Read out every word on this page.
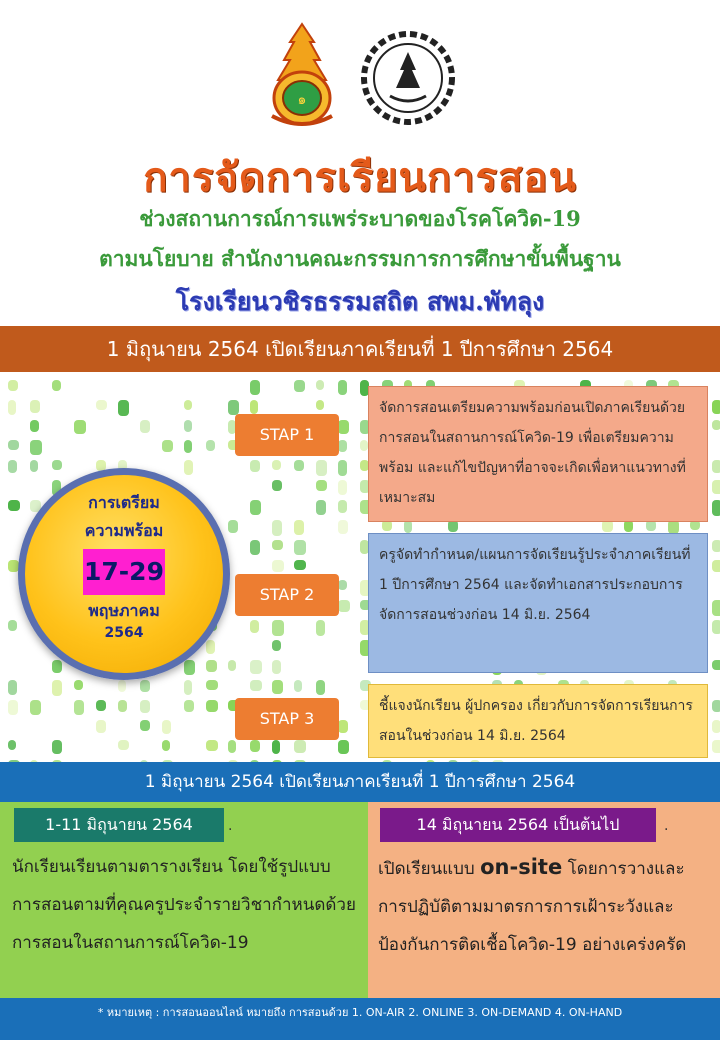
๑
การจัดการเรียนการสอน
ช่วงสถานการณ์การแพร่ระบาดของโรคโควิด-19
ตามนโยบาย สำนักงานคณะกรรมการการศึกษาขั้นพื้นฐาน
โรงเรียนวชิรธรรมสถิต สพม.พัทลุง
1 มิถุนายน 2564 เปิดเรียนภาคเรียนที่ 1 ปีการศึกษา 2564
การเตรียม
ความพร้อม
17-29
พฤษภาคม
2564
STAP 1
STAP 2
STAP 3
จัดการสอนเตรียมความพร้อมก่อนเปิดภาคเรียนด้วยการสอนในสถานการณ์โควิด-19 เพื่อเตรียมความพร้อม และแก้ไขปัญหาที่อาจจะเกิดเพื่อหาแนวทางที่เหมาะสม
ครูจัดทำกำหนด/แผนการจัดเรียนรู้ประจำภาคเรียนที่ 1 ปีการศึกษา 2564 และจัดทำเอกสารประกอบการจัดการสอนช่วงก่อน 14 มิ.ย. 2564
ชี้แจงนักเรียน ผู้ปกครอง เกี่ยวกับการจัดการเรียนการสอนในช่วงก่อน 14 มิ.ย. 2564
1 มิถุนายน 2564 เปิดเรียนภาคเรียนที่ 1 ปีการศึกษา 2564
1-11 มิถุนายน 2564	.	14 มิถุนายน 2564 เป็นต้นไป	.
นักเรียนเรียนตามตารางเรียน โดยใช้รูปแบบการสอนตามที่คุณครูประจำรายวิชากำหนดด้วยการสอนในสถานการณ์โควิด-19
เปิดเรียนแบบ on-site โดยการวางและการปฏิบัติตามมาตรการการเฝ้าระวังและป้องกันการติดเชื้อโควิด-19 อย่างเคร่งครัด
* หมายเหตุ : การสอนออนไลน์ หมายถึง การสอนด้วย 1. ON-AIR 2. ONLINE 3. ON-DEMAND 4. ON-HAND
